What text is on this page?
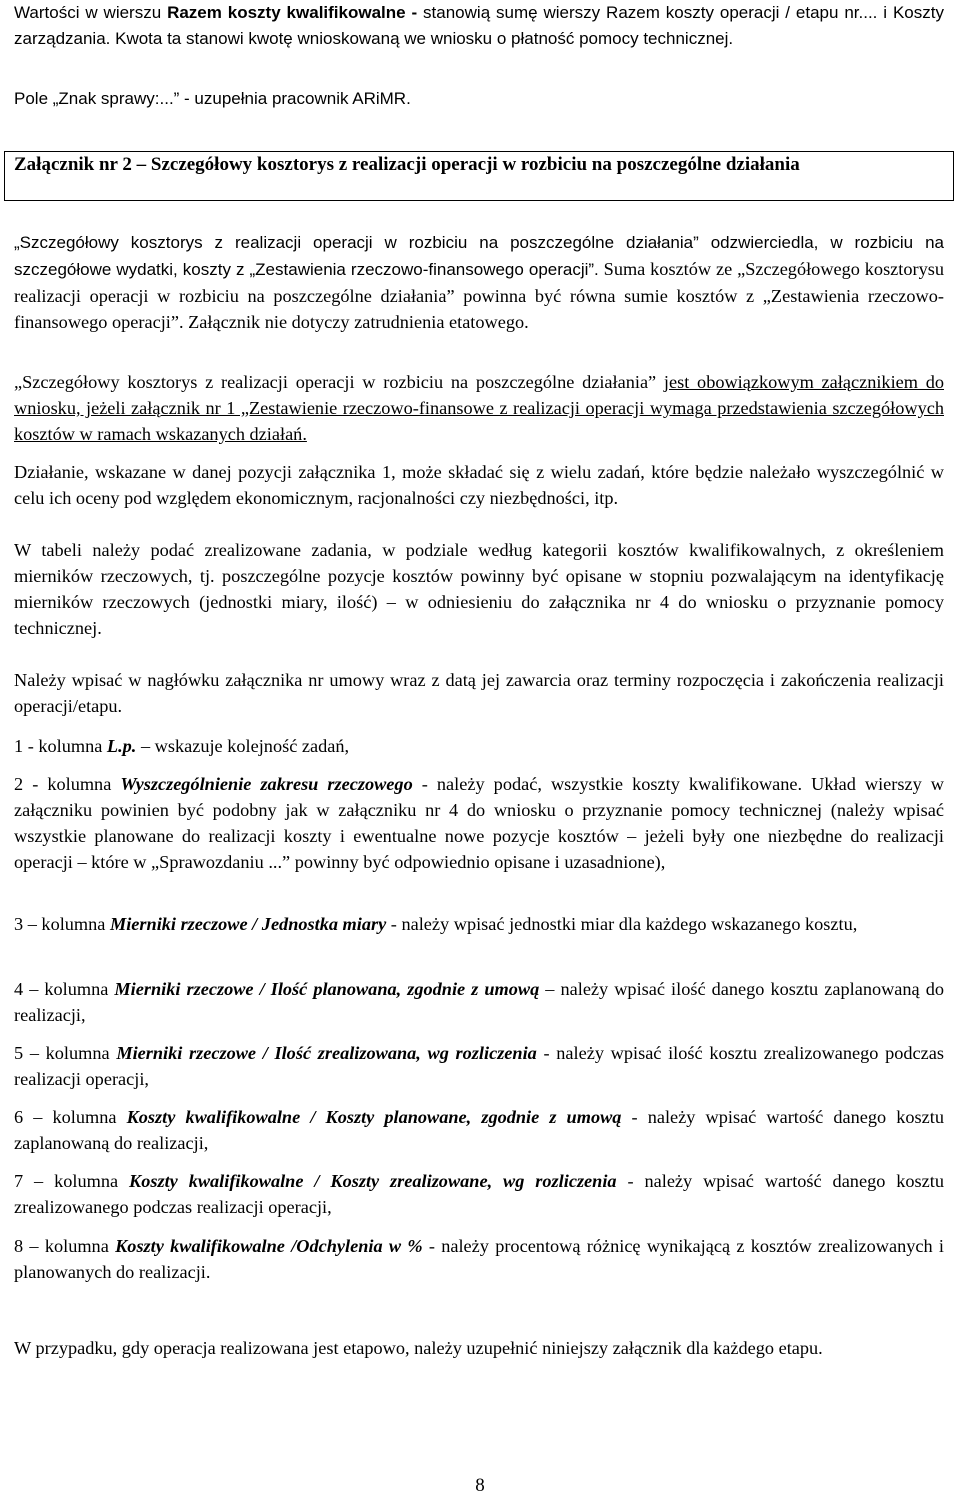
Wartości w wierszu Razem koszty kwalifikowalne - stanowią sumę wierszy Razem koszty operacji / etapu nr.... i Koszty zarządzania. Kwota ta stanowi kwotę wnioskowaną we wniosku o płatność pomocy technicznej.

Pole „Znak sprawy:...” - uzupełnia pracownik ARiMR.

Załącznik nr 2 – Szczegółowy kosztorys z realizacji operacji w rozbiciu na poszczególne działania

„Szczegółowy kosztorys z realizacji operacji w rozbiciu na poszczególne działania” odzwierciedla, w rozbiciu na szczegółowe wydatki, koszty z „Zestawienia rzeczowo-finansowego operacji”. Suma kosztów ze „Szczegółowego kosztorysu realizacji operacji w rozbiciu na poszczególne działania” powinna być równa sumie kosztów z „Zestawienia rzeczowo-finansowego operacji”. Załącznik nie dotyczy zatrudnienia etatowego.

„Szczegółowy kosztorys z realizacji operacji w rozbiciu na poszczególne działania” jest obowiązkowym załącznikiem do wniosku, jeżeli załącznik nr 1 „Zestawienie rzeczowo-finansowe z realizacji operacji wymaga przedstawienia szczegółowych kosztów w ramach wskazanych działań.

Działanie, wskazane w danej pozycji załącznika 1, może składać się z wielu zadań, które będzie należało wyszczególnić w celu ich oceny pod względem ekonomicznym, racjonalności czy niezbędności, itp.

W tabeli należy podać zrealizowane zadania, w podziale według kategorii kosztów kwalifikowalnych, z określeniem mierników rzeczowych, tj. poszczególne pozycje kosztów powinny być opisane w stopniu pozwalającym na identyfikację mierników rzeczowych (jednostki miary, ilość) – w odniesieniu do załącznika nr 4 do wniosku o przyznanie pomocy technicznej.

Należy wpisać w nagłówku załącznika nr umowy wraz z datą jej zawarcia oraz terminy rozpoczęcia i zakończenia realizacji operacji/etapu.

1 - kolumna L.p. – wskazuje kolejność zadań,

2 - kolumna Wyszczególnienie zakresu rzeczowego - należy podać, wszystkie koszty kwalifikowane. Układ wierszy w załączniku powinien być podobny jak w załączniku nr 4 do wniosku o przyznanie pomocy technicznej (należy wpisać wszystkie planowane do realizacji koszty i ewentualne nowe pozycje kosztów – jeżeli były one niezbędne do realizacji operacji – które w „Sprawozdaniu ...” powinny być odpowiednio opisane i uzasadnione),

3 – kolumna Mierniki rzeczowe / Jednostka miary - należy wpisać jednostki miar dla każdego wskazanego kosztu,

4 – kolumna Mierniki rzeczowe / Ilość planowana, zgodnie z umową – należy wpisać ilość danego kosztu zaplanowaną do realizacji,

5 – kolumna Mierniki rzeczowe / Ilość zrealizowana, wg rozliczenia - należy wpisać ilość kosztu zrealizowanego podczas realizacji operacji,

6 – kolumna Koszty kwalifikowalne / Koszty planowane, zgodnie z umową - należy wpisać wartość danego kosztu zaplanowaną do realizacji,

7 – kolumna Koszty kwalifikowalne / Koszty zrealizowane, wg rozliczenia - należy wpisać wartość danego kosztu zrealizowanego podczas realizacji operacji,

8 – kolumna Koszty kwalifikowalne /Odchylenia w % - należy procentową różnicę wynikającą z kosztów zrealizowanych i planowanych do realizacji.

W przypadku, gdy operacja realizowana jest etapowo, należy uzupełnić niniejszy załącznik dla każdego etapu.

8
